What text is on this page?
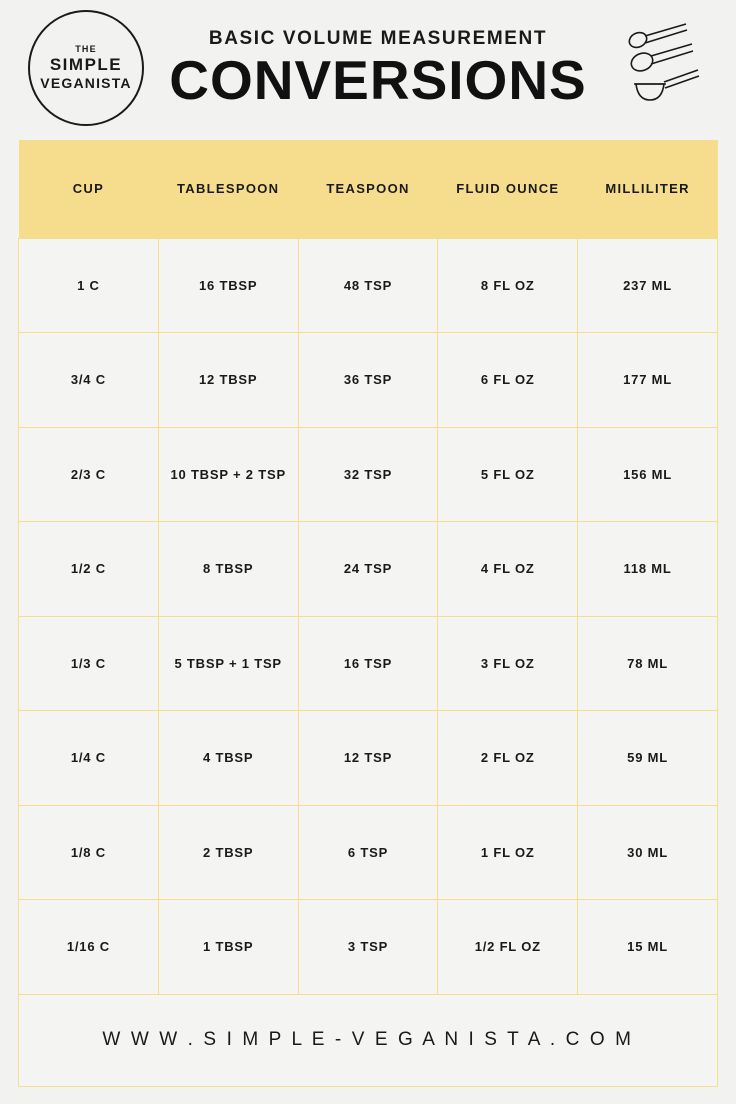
THE
SIMPLE
VEGANISTA
BASIC VOLUME MEASUREMENT
CONVERSIONS
CUP	TABLESPOON	TEASPOON	FLUID OUNCE	MILLILITER
1 C	16 TBSP	48 TSP	8 FL OZ	237 ML
3/4 C	12 TBSP	36 TSP	6 FL OZ	177 ML
2/3 C	10 TBSP + 2 TSP	32 TSP	5 FL OZ	156 ML
1/2 C	8 TBSP	24 TSP	4 FL OZ	118 ML
1/3 C	5 TBSP + 1 TSP	16 TSP	3 FL OZ	78 ML
1/4 C	4 TBSP	12 TSP	2 FL OZ	59 ML
1/8 C	2 TBSP	6 TSP	1 FL OZ	30 ML
1/16 C	1 TBSP	3 TSP	1/2 FL OZ	15 ML
W W W . S I M P L E - V E G A N I S T A . C O M
